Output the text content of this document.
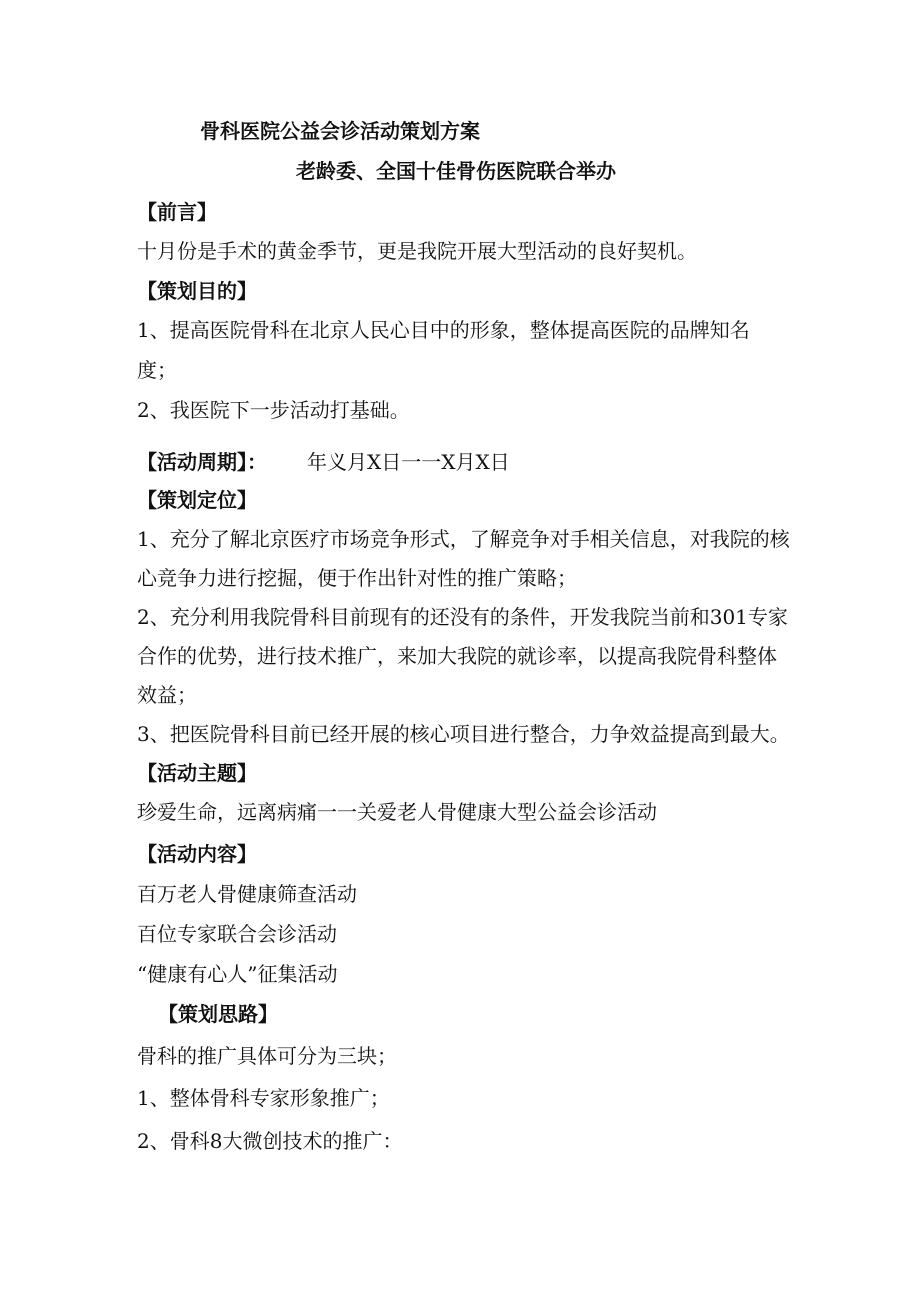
骨科医院公益会诊活动策划方案
老龄委、全国十佳骨伤医院联合举办
【前言】
十月份是手术的黄金季节，更是我院开展大型活动的良好契机。
【策划目的】
1、提高医院骨科在北京人民心目中的形象，整体提高医院的品牌知名
度；
2、我医院下一步活动打基础。
【活动周期】： 年义月X日一一X月X日
【策划定位】
1、充分了解北京医疗市场竞争形式，了解竞争对手相关信息，对我院的核
心竞争力进行挖掘，便于作出针对性的推广策略；
2、充分利用我院骨科目前现有的还没有的条件，开发我院当前和301专家
合作的优势，进行技术推广，来加大我院的就诊率，以提高我院骨科整体
效益；
3、把医院骨科目前已经开展的核心项目进行整合，力争效益提高到最大。
【活动主题】
珍爱生命，远离病痛一一关爱老人骨健康大型公益会诊活动
【活动内容】
百万老人骨健康筛查活动
百位专家联合会诊活动
“健康有心人”征集活动
【策划思路】
骨科的推广具体可分为三块；
1、整体骨科专家形象推广；
2、骨科8大微创技术的推广：
